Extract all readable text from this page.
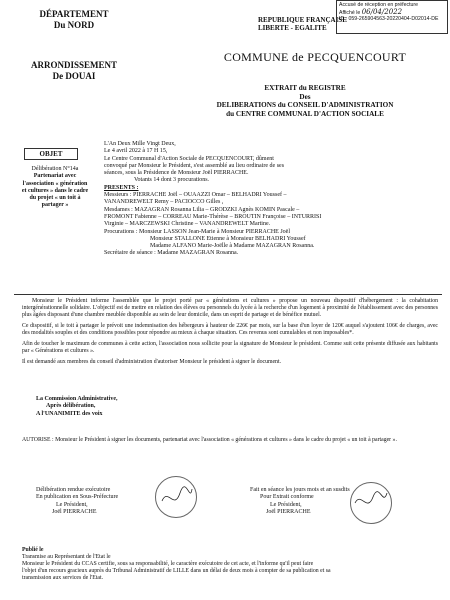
DÉPARTEMENT
Du NORD
ARRONDISSEMENT
De DOUAI
REPUBLIQUE FRANÇAISE
LIBERTE - EGALITE
Accusé de réception en préfecture
Affiché le 06/04/2022
ID : 059-265904563-20220404-D02014-DE
COMMUNE de PECQUENCOURT
EXTRAIT du REGISTRE
Des
DELIBERATIONS du CONSEIL D'ADMINISTRATION
du CENTRE COMMUNAL D'ACTION SOCIALE
OBJET
Délibération N°14a
Partenariat avec
l'association « génération
et cultures » dans le cadre
du projet « un toit à
partager »

L'An Deux Mille Vingt Deux,

Le 4 avril 2022 à 17 H 15,

Le Centre Communal d'Action Sociale de PECQUENCOURT, dûment

convoqué par Monsieur le Président, s'est assemblé au lieu ordinaire de ses

séances, sous la Présidence de Monsieur Joël PIERRACHE.

Votants 14 dont 3 procurations.

PRESENTS :

Messieurs : PIERRACHE Joël – OUAAZZI Omar – BELHADRI Youssef –

VANANDREWELT Remy – PACIOCCO Gilles ,

Mesdames : MAZAGRAN Rosanna Lilia – GRODZKI Agnès KOMIN Pascale –

FROMONT Fabienne – CORREAU Marie-Thérèse – BROUTIN Françoise – INTURRISI

Virginie – MARCZEWSKI Christine – VANANDREWELT Martine.

Procurations : Monsieur LASSON Jean-Marie à Monsieur PIERRACHE Joël

Monsieur STALLONE Etienne à Monsieur BELHADRI Youssef

Madame ALFANO Marie-Joëlle à Madame MAZAGRAN Rosanna.

Secrétaire de séance : Madame MAZAGRAN Rosanna.

Monsieur le Président informe l'assemblée que le projet porté par « générations et cultures » propose un nouveau dispositif d'hébergement : la cohabitation intergénérationnelle solidaire. L'objectif est de mettre en relation des élèves ou personnels du lycée à la recherche d'un logement à proximité de l'établissement avec des personnes plus âgées disposant d'une chambre meublée disponible au sein de leur domicile, dans un esprit de partage et de bénéfice mutuel.

Ce dispositif, si le toit à partager le prévoit une indemnisation des hébergeurs à hauteur de 226€ par mois, sur la base d'un loyer de 120€ auquel s'ajoutent 106€ de charges, avec des modalités souples et des conditions possibles pour répondre au mieux à chaque situation. Ces revenus sont cumulables et non imposables*.

Afin de toucher le maximum de communes à cette action, l'association nous sollicite pour la signature de Monsieur le président. Comme suit cette présente diffusée aux habitants par « Générations et cultures ».

Il est demandé aux membres du conseil d'administration d'autoriser Monsieur le président à signer le document.

La Commission Administrative,
Après délibération,
A l'UNANIMITE des voix
AUTORISE : Monsieur le Président à signer les documents, partenariat avec l'association « générations et cultures » dans le cadre du projet « un toit à partager ».
Délibération rendue exécutoire
En publication en Sous-Préfecture
Le Président,
Joël PIERRACHE
Fait en séance les jours mois et an susdits
Pour Extrait conforme
Le Président,
Joël PIERRACHE
Publié le
Transmise au Représentant de l'Etat le
Monsieur le Président du CCAS certifie, sous sa responsabilité, le caractère exécutoire de cet acte, et l'informe qu'il peut faire
l'objet d'un recours gracieux auprès du Tribunal Administratif de LILLE dans un délai de deux mois à compter de sa publication et sa
transmission aux services de l'Etat.
